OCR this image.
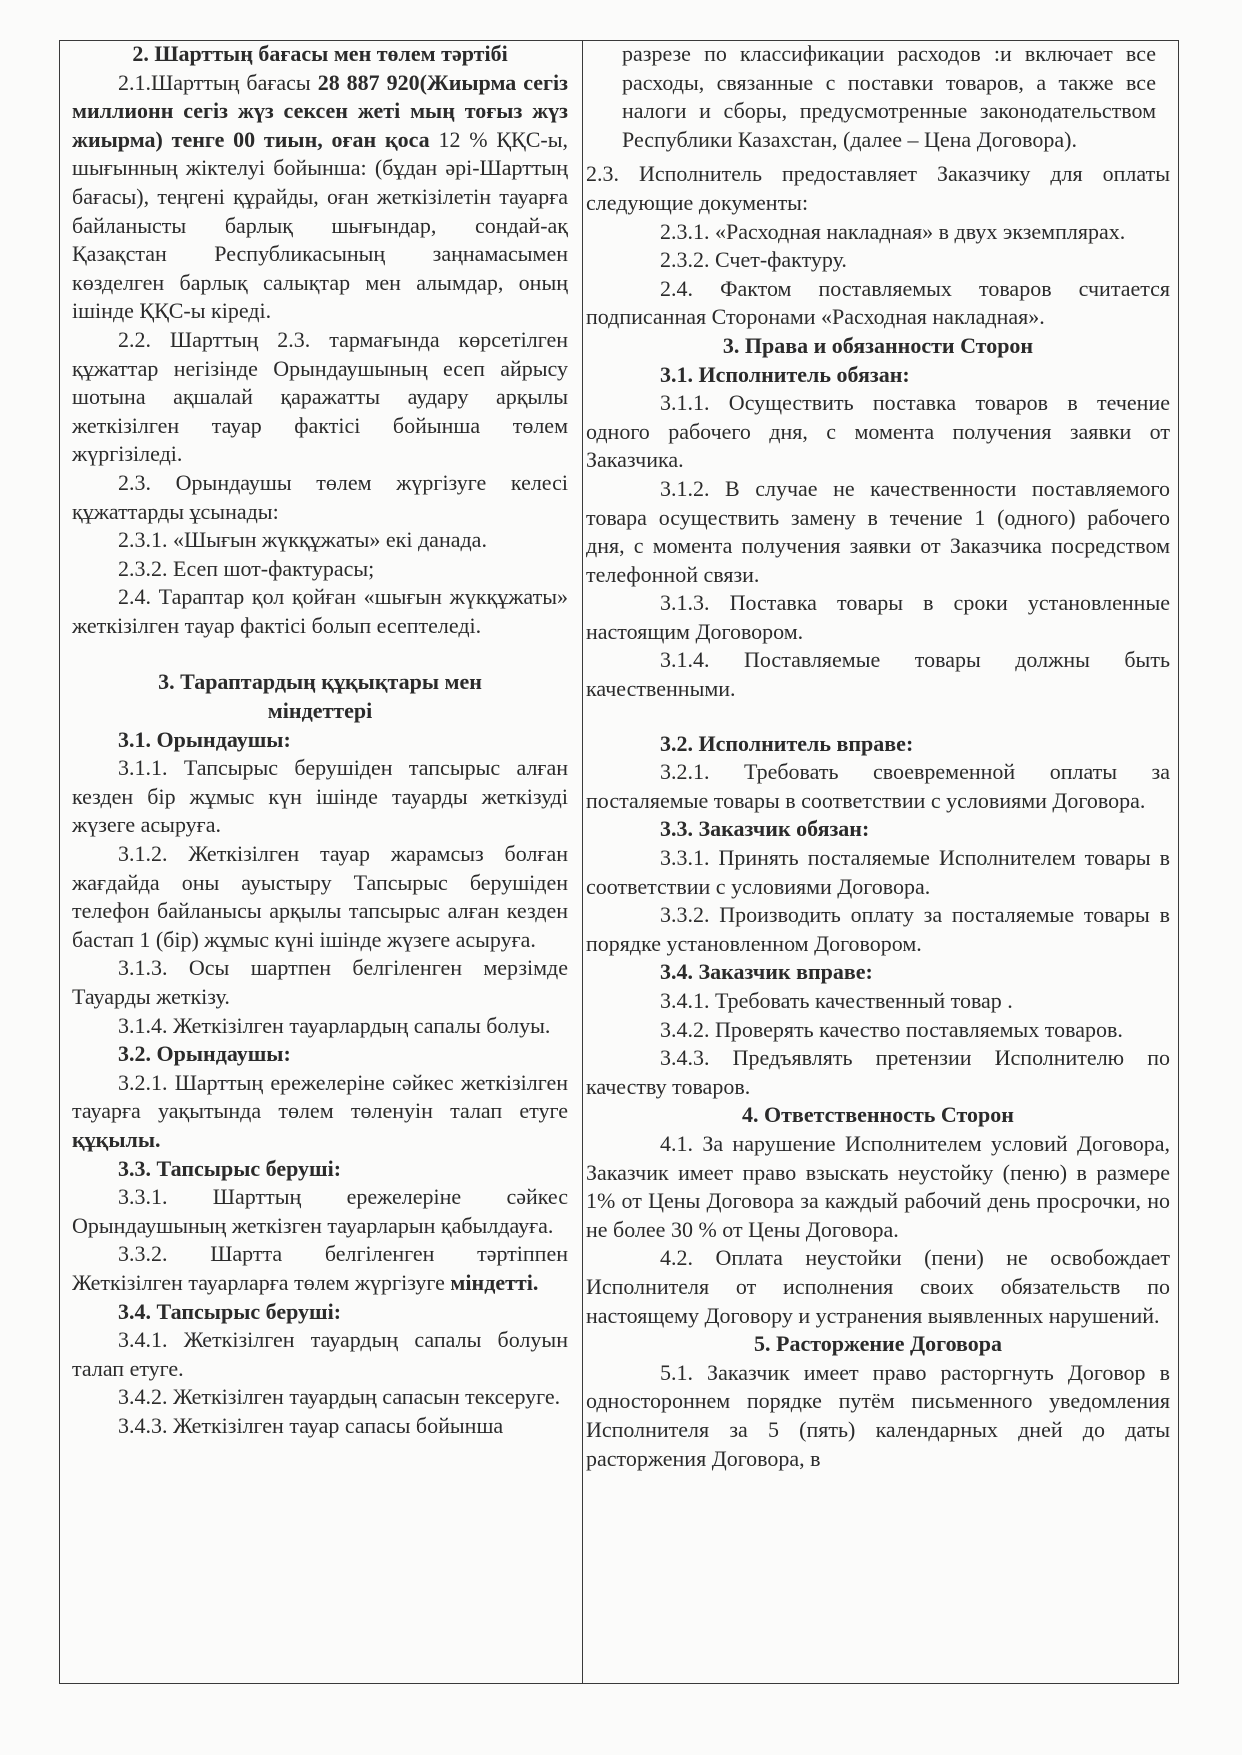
2. Шарттың бағасы мен төлем тәртібі

2.1.Шарттың бағасы 28 887 920(Жиырма сегіз миллионн сегіз жүз сексен жеті мың тоғыз жүз жиырма) тенге 00 тиын, оған қоса 12 % ҚҚС-ы, шығынның жіктелуі бойынша: (бұдан әрі-Шарттың бағасы), теңгені құрайды, оған жеткізілетін тауарға байланысты барлық шығындар, сондай-ақ Қазақстан Республикасының заңнамасымен көзделген барлық салықтар мен алымдар, оның ішінде ҚҚС-ы кіреді.

2.2. Шарттың 2.3. тармағында көрсетілген құжаттар негізінде Орындаушының есеп айрысу шотына ақшалай қаражатты аудару арқылы жеткізілген тауар фактісі бойынша төлем жүргізіледі.

2.3. Орындаушы төлем жүргізуге келесі құжаттарды ұсынады:

2.3.1. «Шығын жүкқұжаты» екі данада.

2.3.2. Есеп шот-фактурасы;

2.4. Тараптар қол қойған «шығын жүкқұжаты» жеткізілген тауар фактісі болып есептеледі.

3. Тараптардың құқықтары мен

міндеттері

3.1. Орындаушы:

3.1.1. Тапсырыс берушіден тапсырыс алған кезден бір жұмыс күн ішінде тауарды жеткізуді жүзеге асыруға.

3.1.2. Жеткізілген тауар жарамсыз болған жағдайда оны ауыстыру Тапсырыс берушіден телефон байланысы арқылы тапсырыс алған кезден бастап 1 (бір) жұмыс күні ішінде жүзеге асыруға.

3.1.3. Осы шартпен белгіленген мерзімде Тауарды жеткізу.

3.1.4. Жеткізілген тауарлардың сапалы болуы.

3.2. Орындаушы:

3.2.1. Шарттың ережелеріне сәйкес жеткізілген тауарға уақытында төлем төленуін талап етуге құқылы.

3.3. Тапсырыс беруші:

3.3.1. Шарттың ережелеріне сәйкес Орындаушының жеткізген тауарларын қабылдауға.

3.3.2. Шартта белгіленген тәртіппен Жеткізілген тауарларға төлем жүргізуге міндетті.

3.4. Тапсырыс беруші:

3.4.1. Жеткізілген тауардың сапалы болуын талап етуге.

3.4.2. Жеткізілген тауардың сапасын тексеруге.

3.4.3. Жеткізілген тауар сапасы бойынша

разрезе по классификации расходов :и включает все расходы, связанные с поставки товаров, а также все налоги и сборы, предусмотренные законодательством Республики Казахстан, (далее – Цена Договора).

2.3. Исполнитель предоставляет Заказчику для оплаты следующие документы:

2.3.1. «Расходная накладная» в двух экземплярах.

2.3.2. Счет-фактуру.

2.4. Фактом поставляемых товаров считается подписанная Сторонами «Расходная накладная».

3. Права и обязанности Сторон

3.1. Исполнитель обязан:

3.1.1. Осуществить поставка товаров в течение одного рабочего дня, с момента получения заявки от Заказчика.

3.1.2. В случае не качественности поставляемого товара осуществить замену в течение 1 (одного) рабочего дня, с момента получения заявки от Заказчика посредством телефонной связи.

3.1.3. Поставка товары в сроки установленные настоящим Договором.

3.1.4. Поставляемые товары должны быть качественными.

3.2. Исполнитель вправе:

3.2.1. Требовать своевременной оплаты за посталяемые товары в соответствии с условиями Договора.

3.3. Заказчик обязан:

3.3.1. Принять посталяемые Исполнителем товары в соответствии с условиями Договора.

3.3.2. Производить оплату за посталяемые товары в порядке установленном Договором.

3.4. Заказчик вправе:

3.4.1. Требовать качественный товар .

3.4.2. Проверять качество поставляемых товаров.

3.4.3. Предъявлять претензии Исполнителю по качеству товаров.

4. Ответственность Сторон

4.1. За нарушение Исполнителем условий Договора, Заказчик имеет право взыскать неустойку (пеню) в размере 1% от Цены Договора за каждый рабочий день просрочки, но не более 30 % от Цены Договора.

4.2. Оплата неустойки (пени) не освобождает Исполнителя от исполнения своих обязательств по настоящему Договору и устранения выявленных нарушений.

5. Расторжение Договора

5.1. Заказчик имеет право расторгнуть Договор в одностороннем порядке путём письменного уведомления Исполнителя за 5 (пять) календарных дней до даты расторжения Договора, в
